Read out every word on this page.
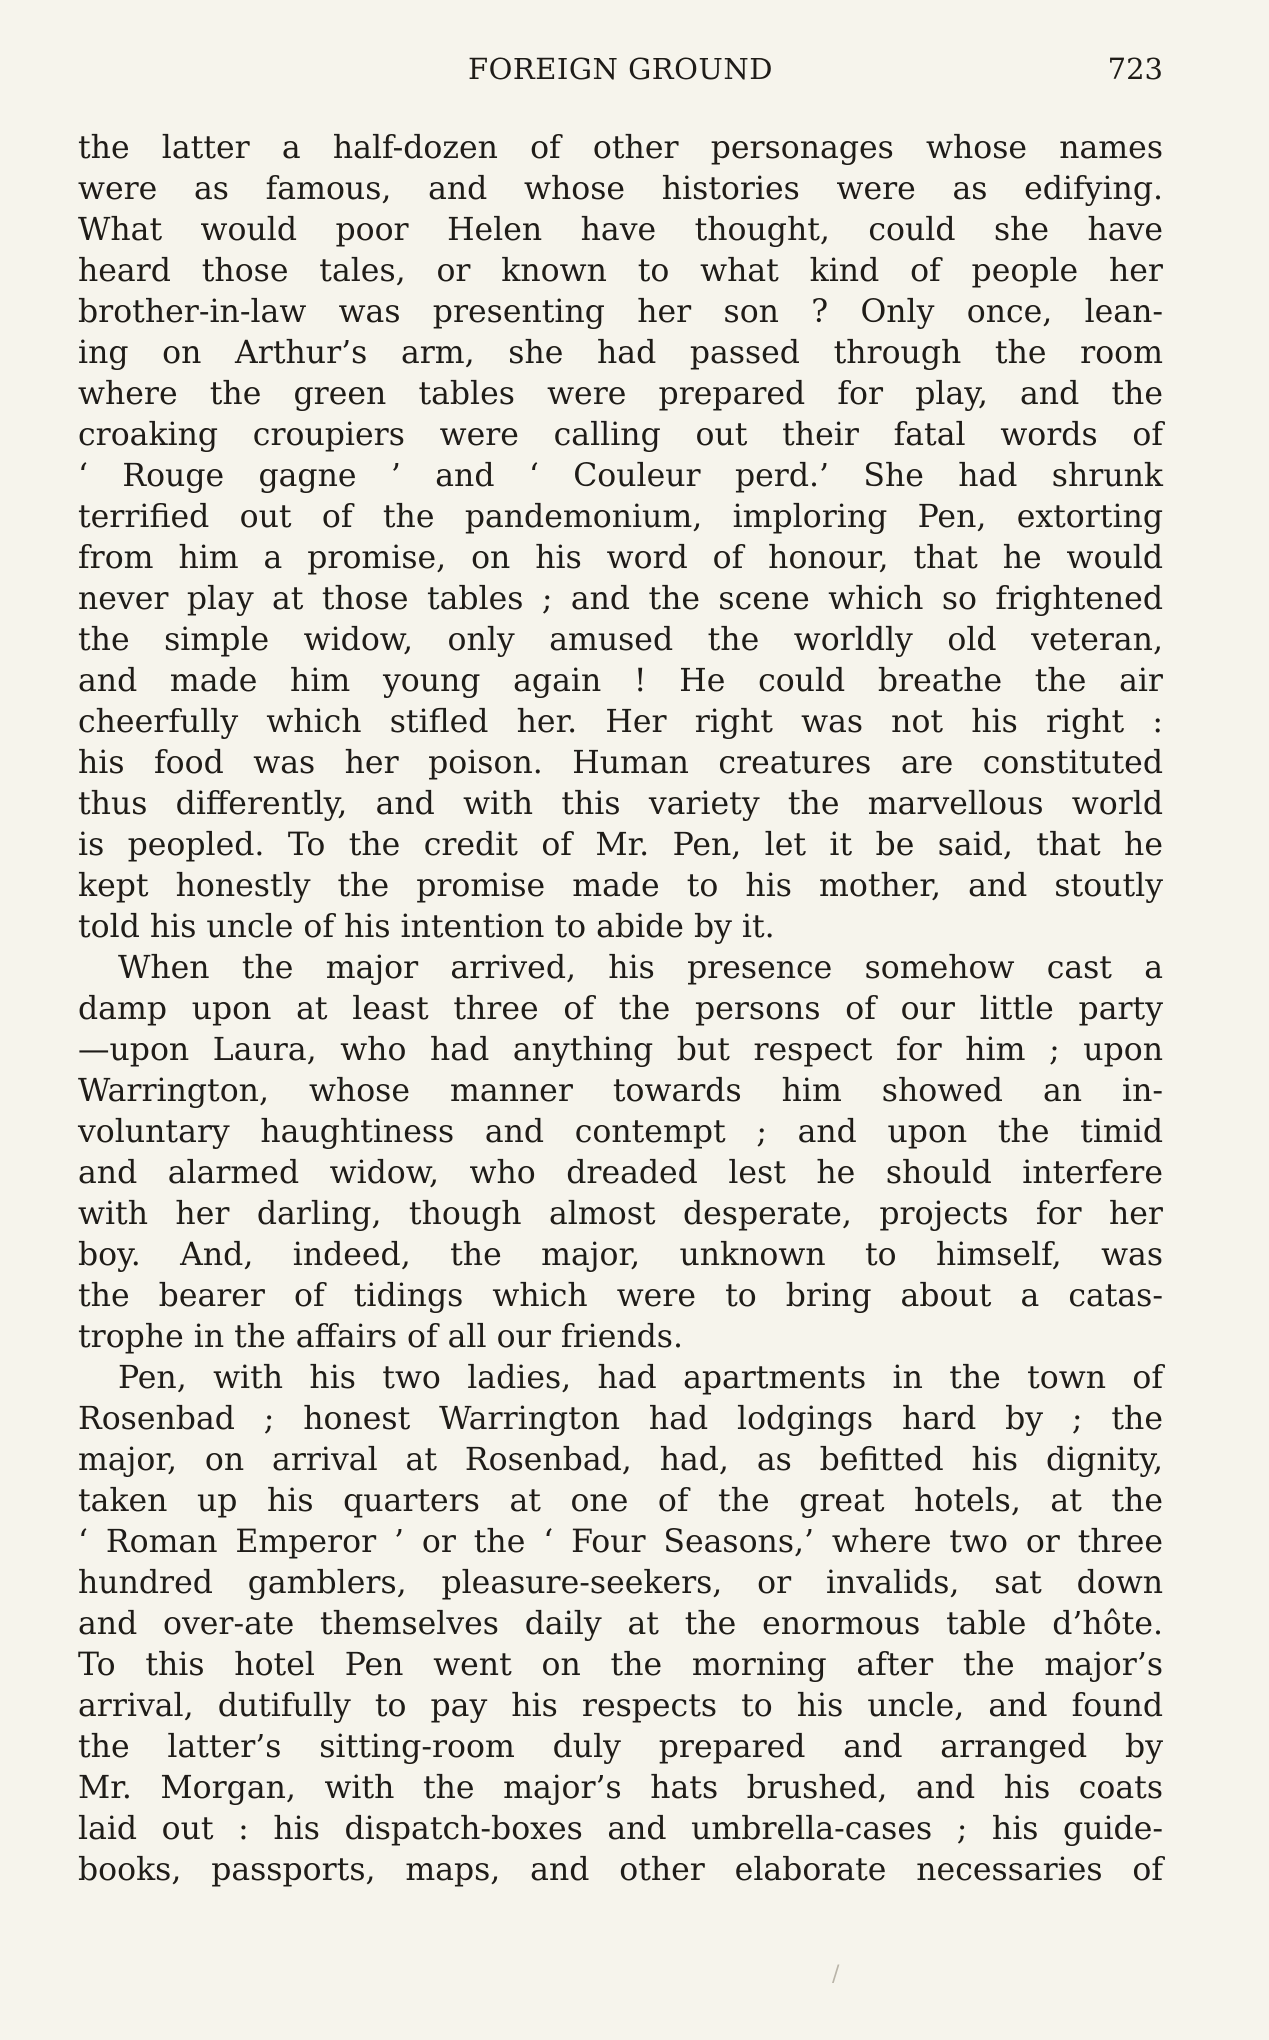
FOREIGN GROUND	723
the latter a half-dozen of other personages whose names
were as famous, and whose histories were as edifying.
What would poor Helen have thought, could she have
heard those tales, or known to what kind of people her
brother-in-law was presenting her son ? Only once, lean-
ing on Arthur’s arm, she had passed through the room
where the green tables were prepared for play, and the
croaking croupiers were calling out their fatal words of
‘ Rouge gagne ’ and ‘ Couleur perd.’ She had shrunk
terrified out of the pandemonium, imploring Pen, extorting
from him a promise, on his word of honour, that he would
never play at those tables ; and the scene which so frightened
the simple widow, only amused the worldly old veteran,
and made him young again ! He could breathe the air
cheerfully which stifled her. Her right was not his right :
his food was her poison. Human creatures are constituted
thus differently, and with this variety the marvellous world
is peopled. To the credit of Mr. Pen, let it be said, that he
kept honestly the promise made to his mother, and stoutly
told his uncle of his intention to abide by it.
When the major arrived, his presence somehow cast a
damp upon at least three of the persons of our little party
—upon Laura, who had anything but respect for him ; upon
Warrington, whose manner towards him showed an in-
voluntary haughtiness and contempt ; and upon the timid
and alarmed widow, who dreaded lest he should interfere
with her darling, though almost desperate, projects for her
boy. And, indeed, the major, unknown to himself, was
the bearer of tidings which were to bring about a catas-
trophe in the affairs of all our friends.
Pen, with his two ladies, had apartments in the town of
Rosenbad ; honest Warrington had lodgings hard by ; the
major, on arrival at Rosenbad, had, as befitted his dignity,
taken up his quarters at one of the great hotels, at the
‘ Roman Emperor ’ or the ‘ Four Seasons,’ where two or three
hundred gamblers, pleasure-seekers, or invalids, sat down
and over-ate themselves daily at the enormous table d’hôte.
To this hotel Pen went on the morning after the major’s
arrival, dutifully to pay his respects to his uncle, and found
the latter’s sitting-room duly prepared and arranged by
Mr. Morgan, with the major’s hats brushed, and his coats
laid out : his dispatch-boxes and umbrella-cases ; his guide-
books, passports, maps, and other elaborate necessaries of
/
